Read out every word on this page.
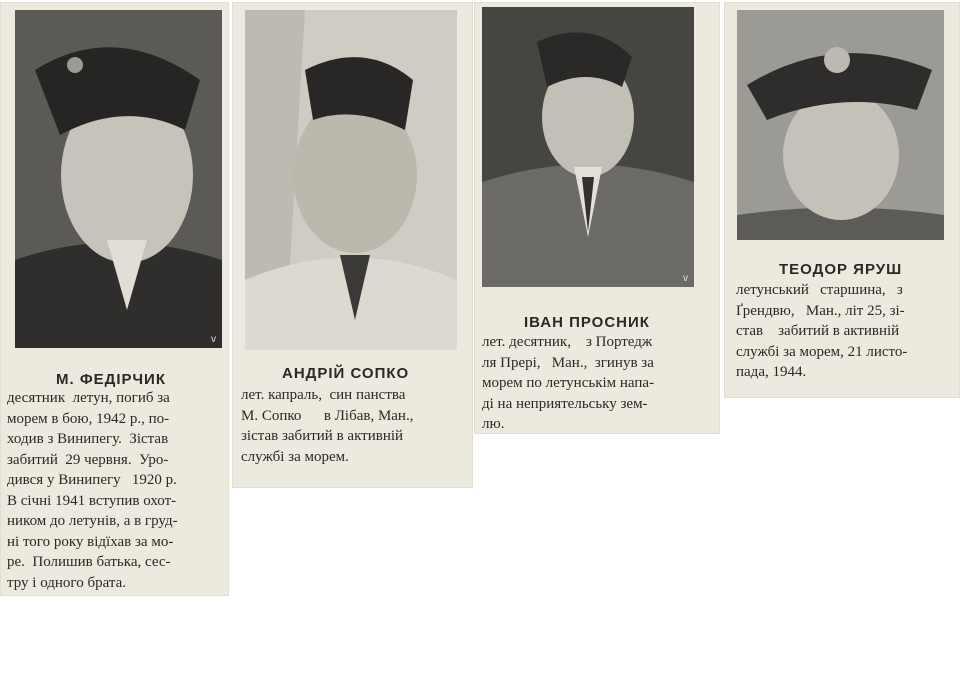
v
v
М. ФЕДІРЧИК	АНДРІЙ СОПКО
ІВАН ПРОСНИК
ТЕОДОР ЯРУШ
десятник  летун, погиб за
морем в бою, 1942 р., по-
ходив з Винипегу.  Зістав
забитий  29 червня.  Уро-
дився у Винипегу   1920 р.
В січні 1941 вступив охот-
ником до летунів, а в груд-
ні того року відїхав за мо-
ре.  Полишив батька, сес-
тру і одного брата.
лет. капраль,  син панства
М. Сопко      в Лібав, Ман.,
зістав забитий в активній
службі за морем.
лет. десятник,    з Портедж
ля Прері,   Ман.,  згинув за
морем по летунськім напа-
ді на неприятельську зем-
лю.
летунський   старшина,   з
Ґрендвю,   Ман., літ 25, зі-
став    забитий в активній
службі за морем, 21 листо-
пада, 1944.
